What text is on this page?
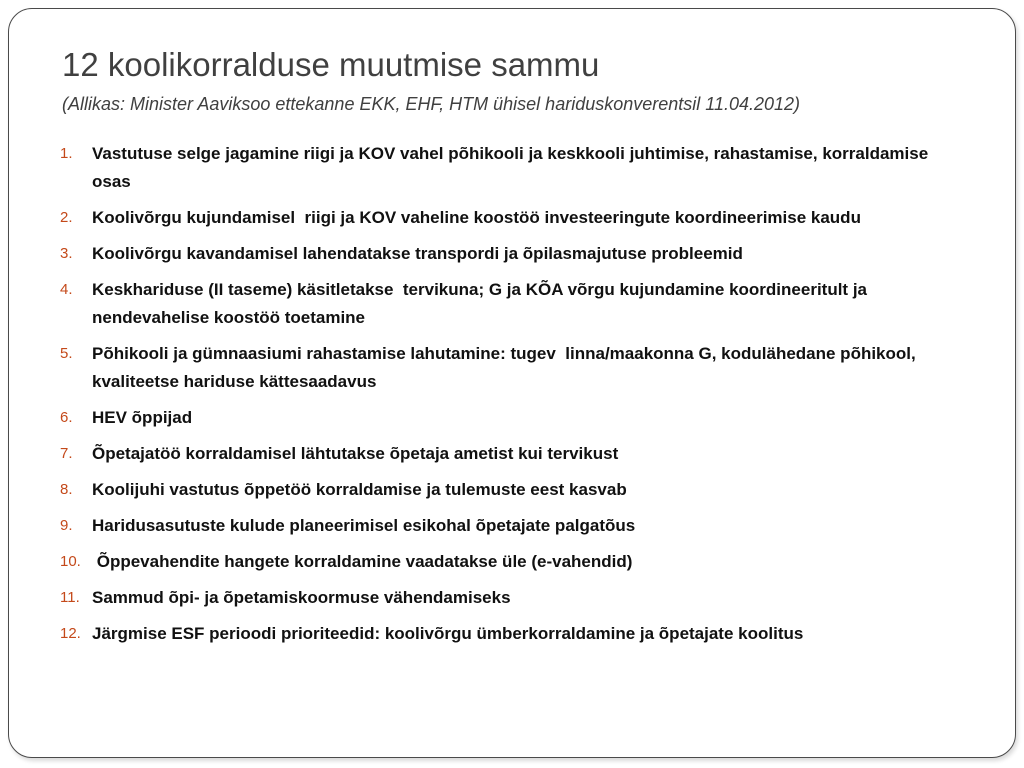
12 koolikorralduse muutmise sammu

(Allikas: Minister Aaviksoo ettekanne EKK, EHF, HTM ühisel hariduskonverentsil 11.04.2012)

1. Vastutuse selge jagamine riigi ja KOV vahel põhikooli ja keskkooli juhtimise, rahastamise, korraldamise osas
2. Koolivõrgu kujundamisel  riigi ja KOV vaheline koostöö investeeringute koordineerimise kaudu
3. Koolivõrgu kavandamisel lahendatakse transpordi ja õpilasmajutuse probleemid
4. Keskhariduse (II taseme) käsitletakse  tervikuna; G ja KÕA võrgu kujundamine koordineeritult ja nendevahelise koostöö toetamine
5. Põhikooli ja gümnaasiumi rahastamise lahutamine: tugev  linna/maakonna G, kodulähedane põhikool, kvaliteetse hariduse kättesaadavus
6. HEV õppijad
7. Õpetajatöö korraldamisel lähtutakse õpetaja ametist kui tervikust
8. Koolijuhi vastutus õppetöö korraldamise ja tulemuste eest kasvab
9. Haridusasutuste kulude planeerimisel esikohal õpetajate palgatõus
10. Õppevahendite hangete korraldamine vaadatakse üle (e-vahendid)
11. Sammud õpi- ja õpetamiskoormuse vähendamiseks
12. Järgmise ESF perioodi prioriteedid: koolivõrgu ümberkorraldamine ja õpetajate koolitus
